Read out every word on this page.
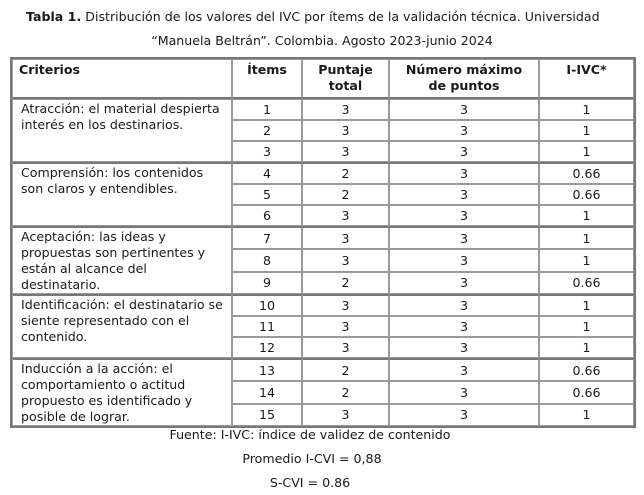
Tabla 1. Distribución de los valores del IVC por ítems de la validación técnica. Universidad
“Manuela Beltrán”. Colombia. Agosto 2023-junio 2024
Criterios	Ítems	Puntaje total	Número máximo de puntos	I-IVC*
Atracción: el material despierta interés en los destinarios.	1	3	3	1
	2	3	3	1
	3	3	3	1
Comprensión: los contenidos son claros y entendibles.	4	2	3	0.66
	5	2	3	0.66
	6	3	3	1
Aceptación: las ideas y propuestas son pertinentes y están al alcance del destinatario.	7	3	3	1
	8	3	3	1
	9	2	3	0.66
Identificación: el destinatario se siente representado con el contenido.	10	3	3	1
	11	3	3	1
	12	3	3	1
Inducción a la acción: el comportamiento o actitud propuesto es identificado y posible de lograr.	13	2	3	0.66
	14	2	3	0.66
	15	3	3	1
Fuente: I-IVC: índice de validez de contenido
Promedio I-CVI = 0,88
S-CVI = 0.86
